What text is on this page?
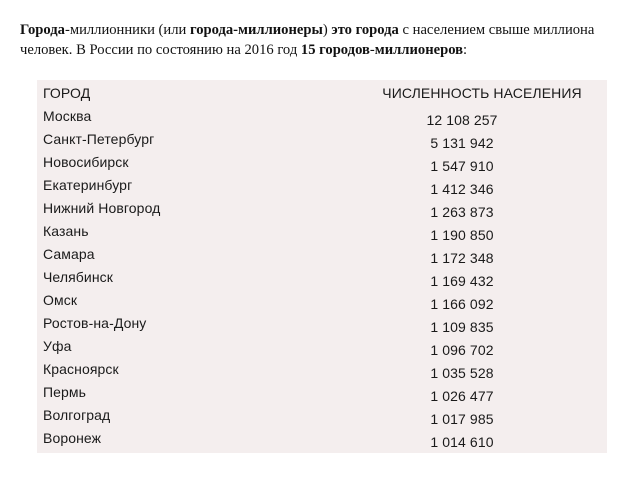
Города-миллионники (или города-миллионеры) это города с населением свыше миллиона человек. В России по состоянию на 2016 год 15 городов-миллионеров:
ГОРОД	ЧИСЛЕННОСТЬ НАСЕЛЕНИЯ
Москва	12 108 257
Санкт-Петербург	5 131 942
Новосибирск	1 547 910
Екатеринбург	1 412 346
Нижний Новгород	1 263 873
Казань	1 190 850
Самара	1 172 348
Челябинск	1 169 432
Омск	1 166 092
Ростов-на-Дону	1 109 835
Уфа	1 096 702
Красноярск	1 035 528
Пермь	1 026 477
Волгоград	1 017 985
Воронеж	1 014 610
